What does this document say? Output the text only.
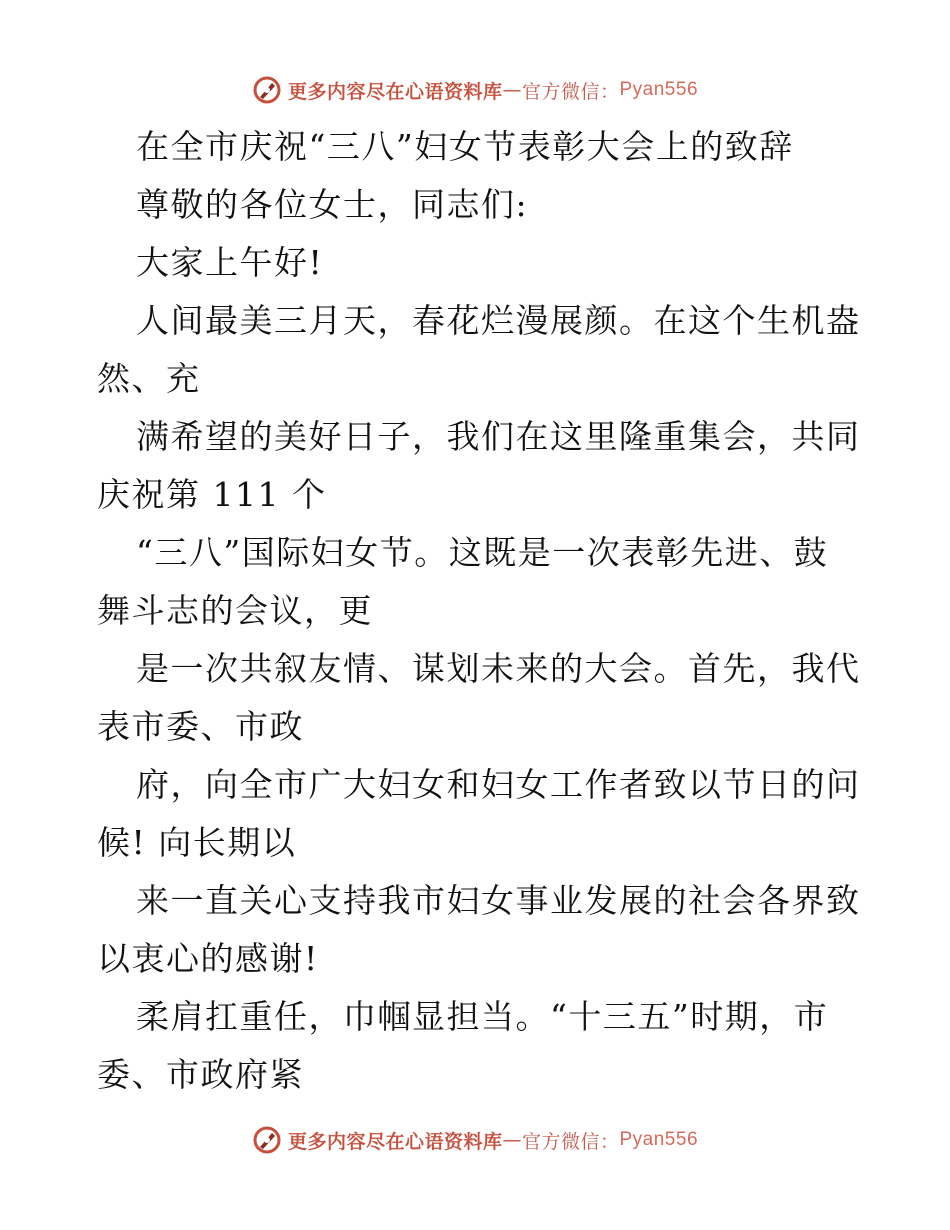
更多内容尽在心语资料库 — 官方微信： Pyan556
在全市庆祝“三八”妇女节表彰大会上的致辞
尊敬的各位女士，同志们:
大家上午好!
人间最美三月天，春花烂漫展颜。在这个生机盎
然、充
满希望的美好日子，我们在这里隆重集会，共同
庆祝第 111 个
“三八”国际妇女节。这既是一次表彰先进、鼓
舞斗志的会议，更
是一次共叙友情、谋划未来的大会。首先，我代
表市委、市政
府，向全市广大妇女和妇女工作者致以节日的问
候! 向长期以
来一直关心支持我市妇女事业发展的社会各界致
以衷心的感谢!
柔肩扛重任，巾帼显担当。“十三五”时期，市
委、市政府紧
更多内容尽在心语资料库 — 官方微信： Pyan556
